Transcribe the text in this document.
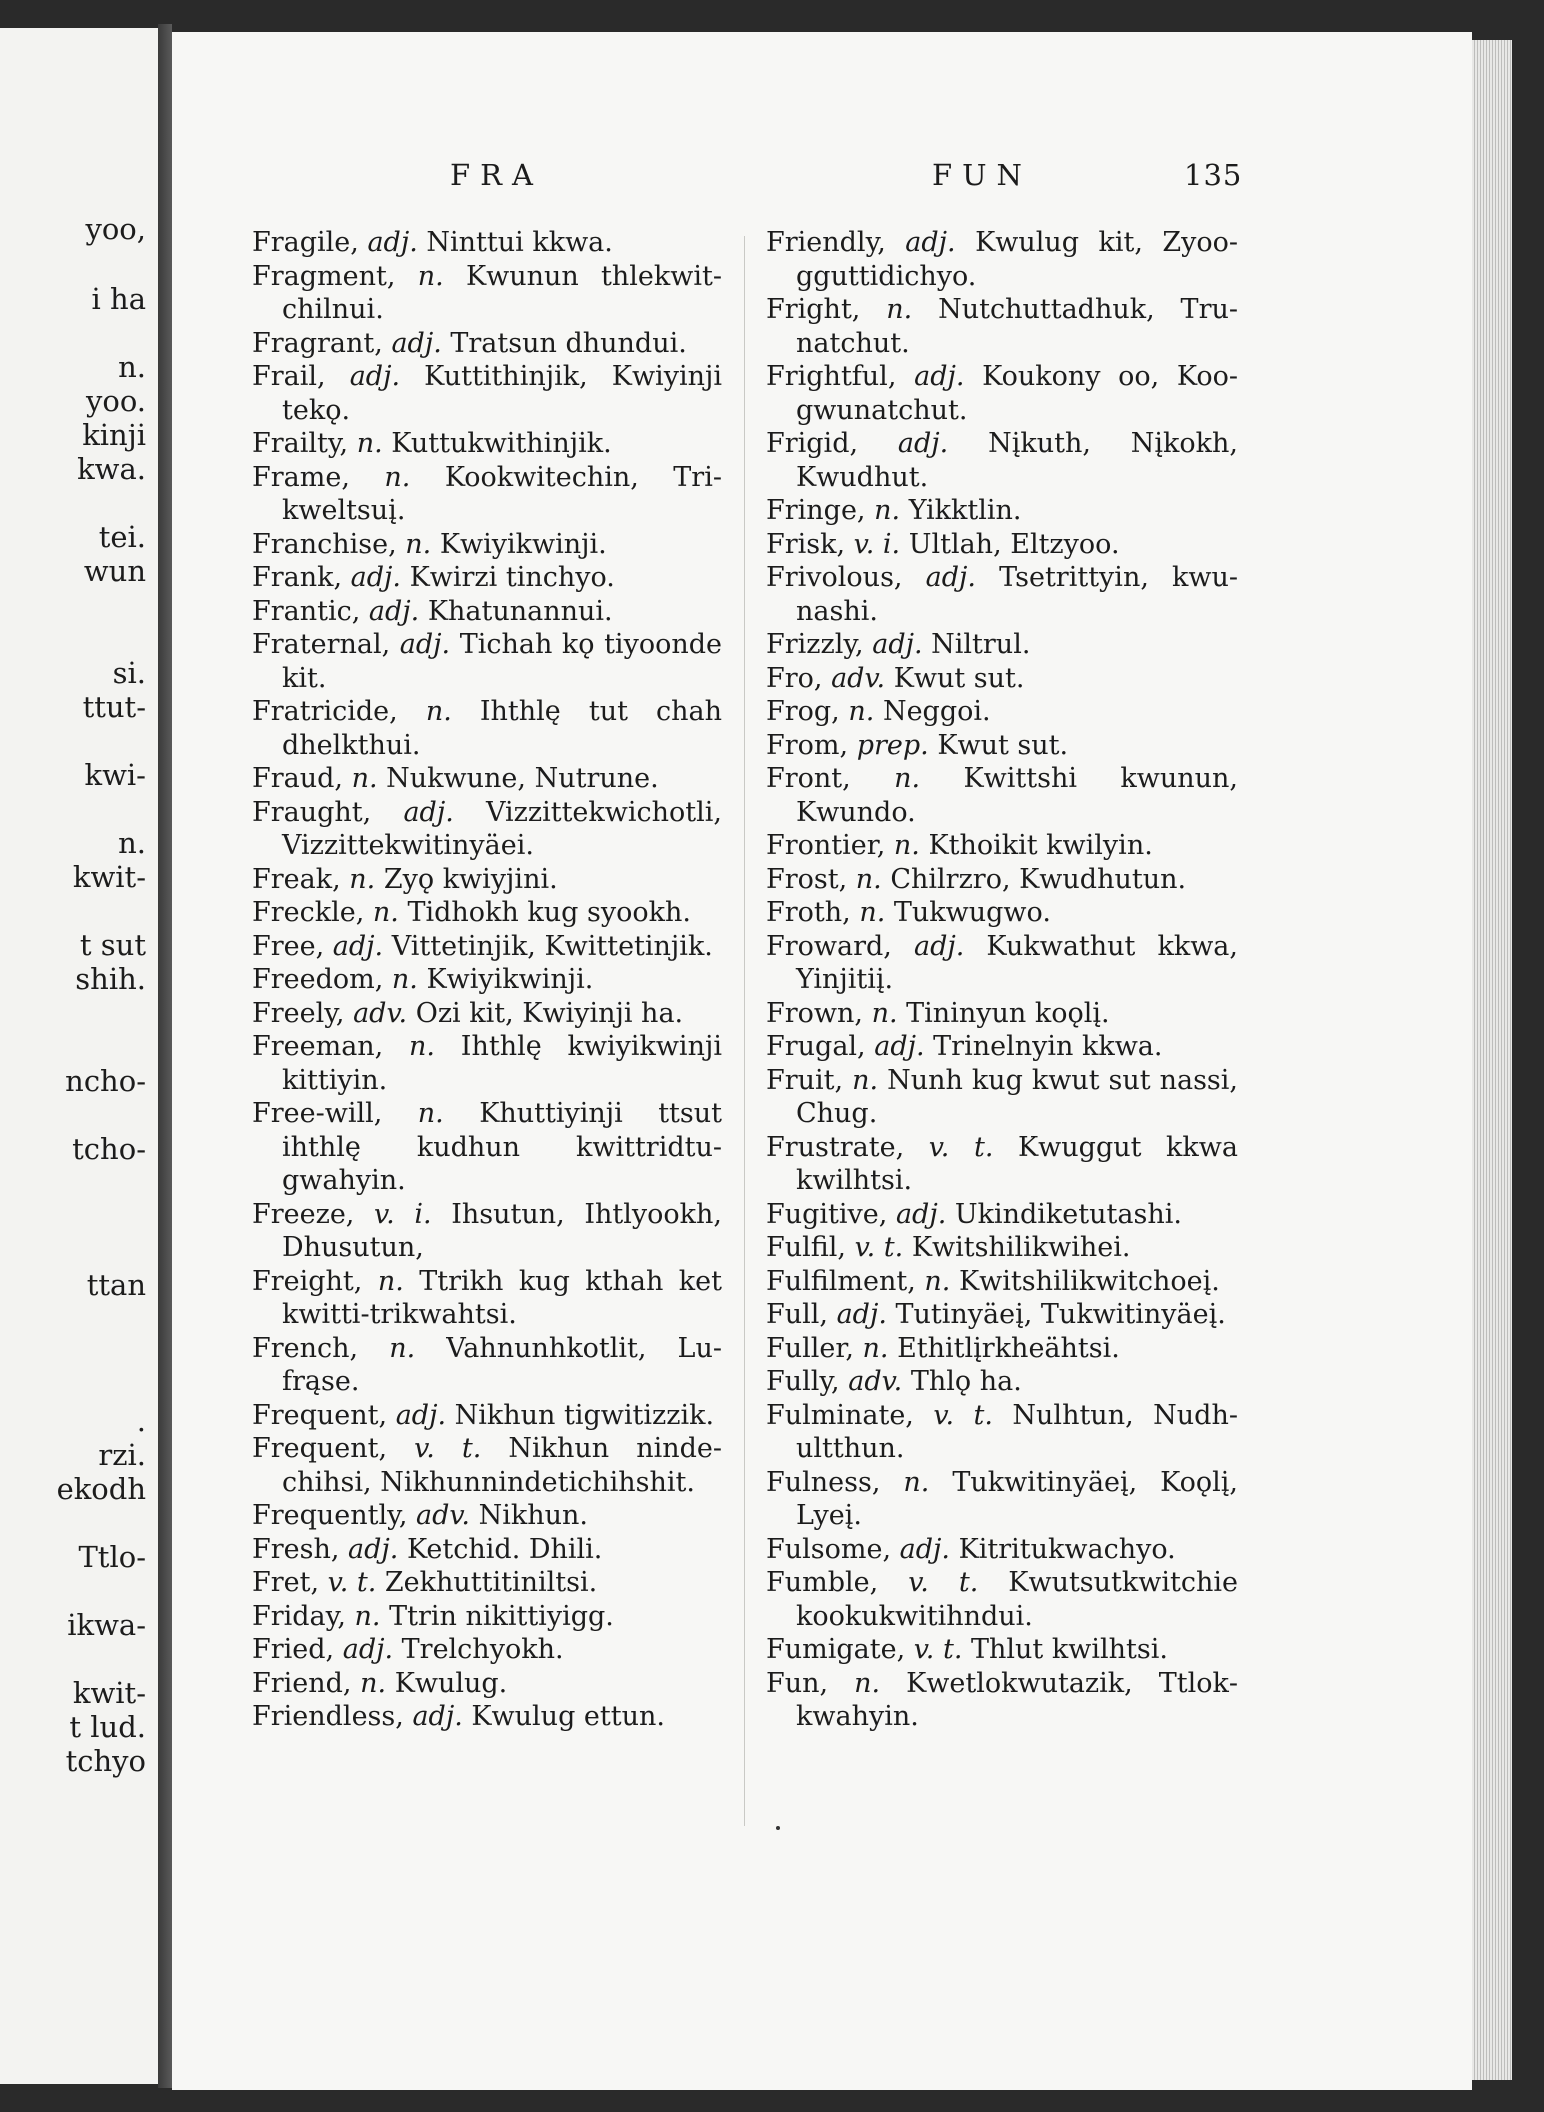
yoo,
i ha
n.
yoo.
kinji
kwa.
tei.
wun
si.
ttut-
kwi-
n.
kwit-
t sut
shih.
ncho-
tcho-
ttan
.
rzi.
ekodh
Ttlo-
ikwa-
kwit-
t lud.
tchyo
FRA	FUN	135
Fragile, adj. Ninttui kkwa.
Fragment, n. Kwunun thlekwitchilnui.
Fragrant, adj. Tratsun dhundui.
Frail, adj. Kuttithinjik, Kwiyinji tekǫ.
Frailty, n. Kuttukwithinjik.
Frame, n. Kookwitechin, Trikweltsuį.
Franchise, n. Kwiyikwinji.
Frank, adj. Kwirzi tinchyo.
Frantic, adj. Khatunannui.
Fraternal, adj. Tichah kǫ tiyoonde kit.
Fratricide, n. Ihthlę tut chah dhelkthui.
Fraud, n. Nukwune, Nutrune.
Fraught, adj. Vizzittekwichotli, Vizzittekwitinyäei.
Freak, n. Zyǫ kwiyjini.
Freckle, n. Tidhokh kug syookh.
Free, adj. Vittetinjik, Kwittetinjik.
Freedom, n. Kwiyikwinji.
Freely, adv. Ozi kit, Kwiyinji ha.
Freeman, n. Ihthlę kwiyikwinji kittiyin.
Free-will, n. Khuttiyinji ttsut ihthlę kudhun kwittridtugwahyin.
Freeze, v. i. Ihsutun, Ihtlyookh, Dhusutun,
Freight, n. Ttrikh kug kthah ket kwitti-trikwahtsi.
French, n. Vahnunhkotlit, Lufrąse.
Frequent, adj. Nikhun tigwitizzik.
Frequent, v. t. Nikhun nindechihsi, Nikhunnindetichihshit.
Frequently, adv. Nikhun.
Fresh, adj. Ketchid. Dhili.
Fret, v. t. Zekhuttitiniltsi.
Friday, n. Ttrin nikittiyigg.
Fried, adj. Trelchyokh.
Friend, n. Kwulug.
Friendless, adj. Kwulug ettun.
Friendly, adj. Kwulug kit, Zyoogguttidichyo.
Fright, n. Nutchuttadhuk, Trunatchut.
Frightful, adj. Koukony oo, Koogwunatchut.
Frigid, adj. Nįkuth, Nįkokh, Kwudhut.
Fringe, n. Yikktlin.
Frisk, v. i. Ultlah, Eltzyoo.
Frivolous, adj. Tsetrittyin, kwunashi.
Frizzly, adj. Niltrul.
Fro, adv. Kwut sut.
Frog, n. Neggoi.
From, prep. Kwut sut.
Front, n. Kwittshi kwunun, Kwundo.
Frontier, n. Kthoikit kwilyin.
Frost, n. Chilrzro, Kwudhutun.
Froth, n. Tukwugwo.
Froward, adj. Kukwathut kkwa, Yinjitiį.
Frown, n. Tininyun koǫlį.
Frugal, adj. Trinelnyin kkwa.
Fruit, n. Nunh kug kwut sut nassi, Chug.
Frustrate, v. t. Kwuggut kkwa kwilhtsi.
Fugitive, adj. Ukindiketutashi.
Fulfil, v. t. Kwitshilikwihei.
Fulfilment, n. Kwitshilikwitchoeį.
Full, adj. Tutinyäeį, Tukwitinyäeį.
Fuller, n. Ethitlįrkheähtsi.
Fully, adv. Thlǫ ha.
Fulminate, v. t. Nulhtun, Nudhultthun.
Fulness, n. Tukwitinyäeį, Koǫlį, Lyeį.
Fulsome, adj. Kitritukwachyo.
Fumble, v. t. Kwutsutkwitchie kookukwitihndui.
Fumigate, v. t. Thlut kwilhtsi.
Fun, n. Kwetlokwutazik, Ttlokkwahyin.
